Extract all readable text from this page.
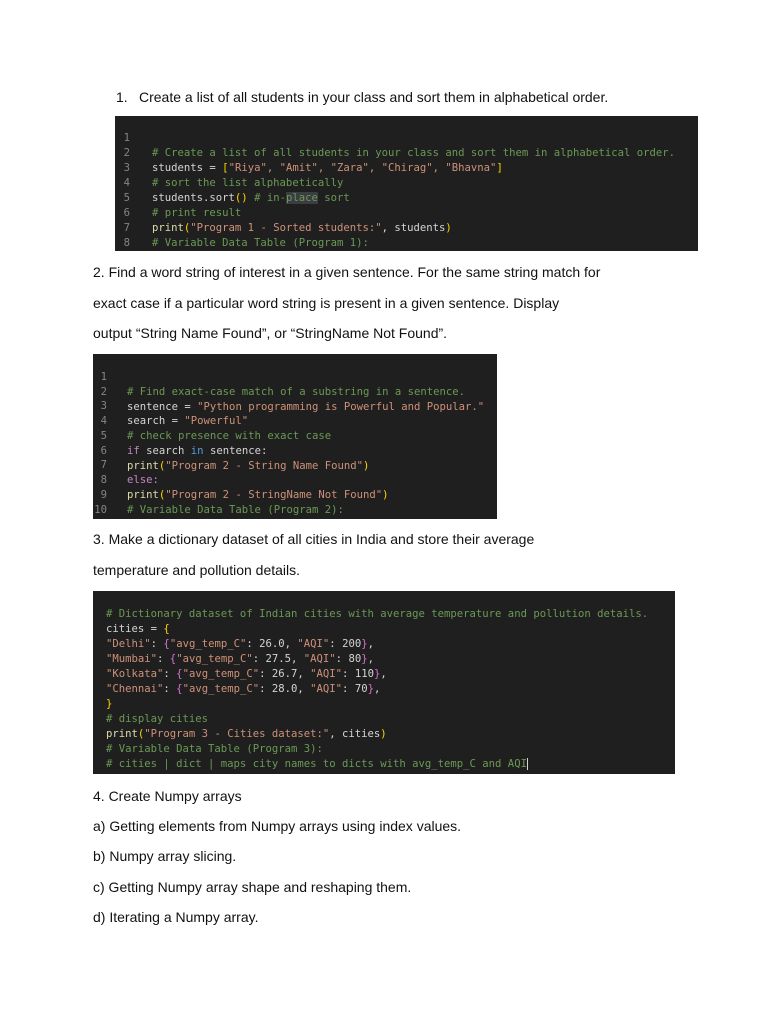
1. Create a list of all students in your class and sort them in alphabetical order.

1

# Create a list of all students in your class and sort them in alphabetical order.

2

students = ["Riya", "Amit", "Zara", "Chirag", "Bhavna"]

3

# sort the list alphabetically

4

students.sort() # in-place sort

5

# print result

6

print("Program 1 - Sorted students:", students)

7

# Variable Data Table (Program 1):

8

2. Find a word string of interest in a given sentence. For the same string match for

exact case if a particular word string is present in a given sentence. Display

output “String Name Found”, or “StringName Not Found”.

1

# Find exact-case match of a substring in a sentence.

2

sentence = "Python programming is Powerful and Popular."

3

search = "Powerful"

4

# check presence with exact case

5

if search in sentence:

6

print("Program 2 - String Name Found")

7

else:

8

print("Program 2 - StringName Not Found")

9

# Variable Data Table (Program 2):

10

3. Make a dictionary dataset of all cities in India and store their average

temperature and pollution details.

# Dictionary dataset of Indian cities with average temperature and pollution details.

cities = {

"Delhi": {"avg_temp_C": 26.0, "AQI": 200},

"Mumbai": {"avg_temp_C": 27.5, "AQI": 80},

"Kolkata": {"avg_temp_C": 26.7, "AQI": 110},

"Chennai": {"avg_temp_C": 28.0, "AQI": 70},

}

# display cities

print("Program 3 - Cities dataset:", cities)

# Variable Data Table (Program 3):

# cities | dict | maps city names to dicts with avg_temp_C and AQI

4. Create Numpy arrays

a) Getting elements from Numpy arrays using index values.

b) Numpy array slicing.

c) Getting Numpy array shape and reshaping them.

d) Iterating a Numpy array.
